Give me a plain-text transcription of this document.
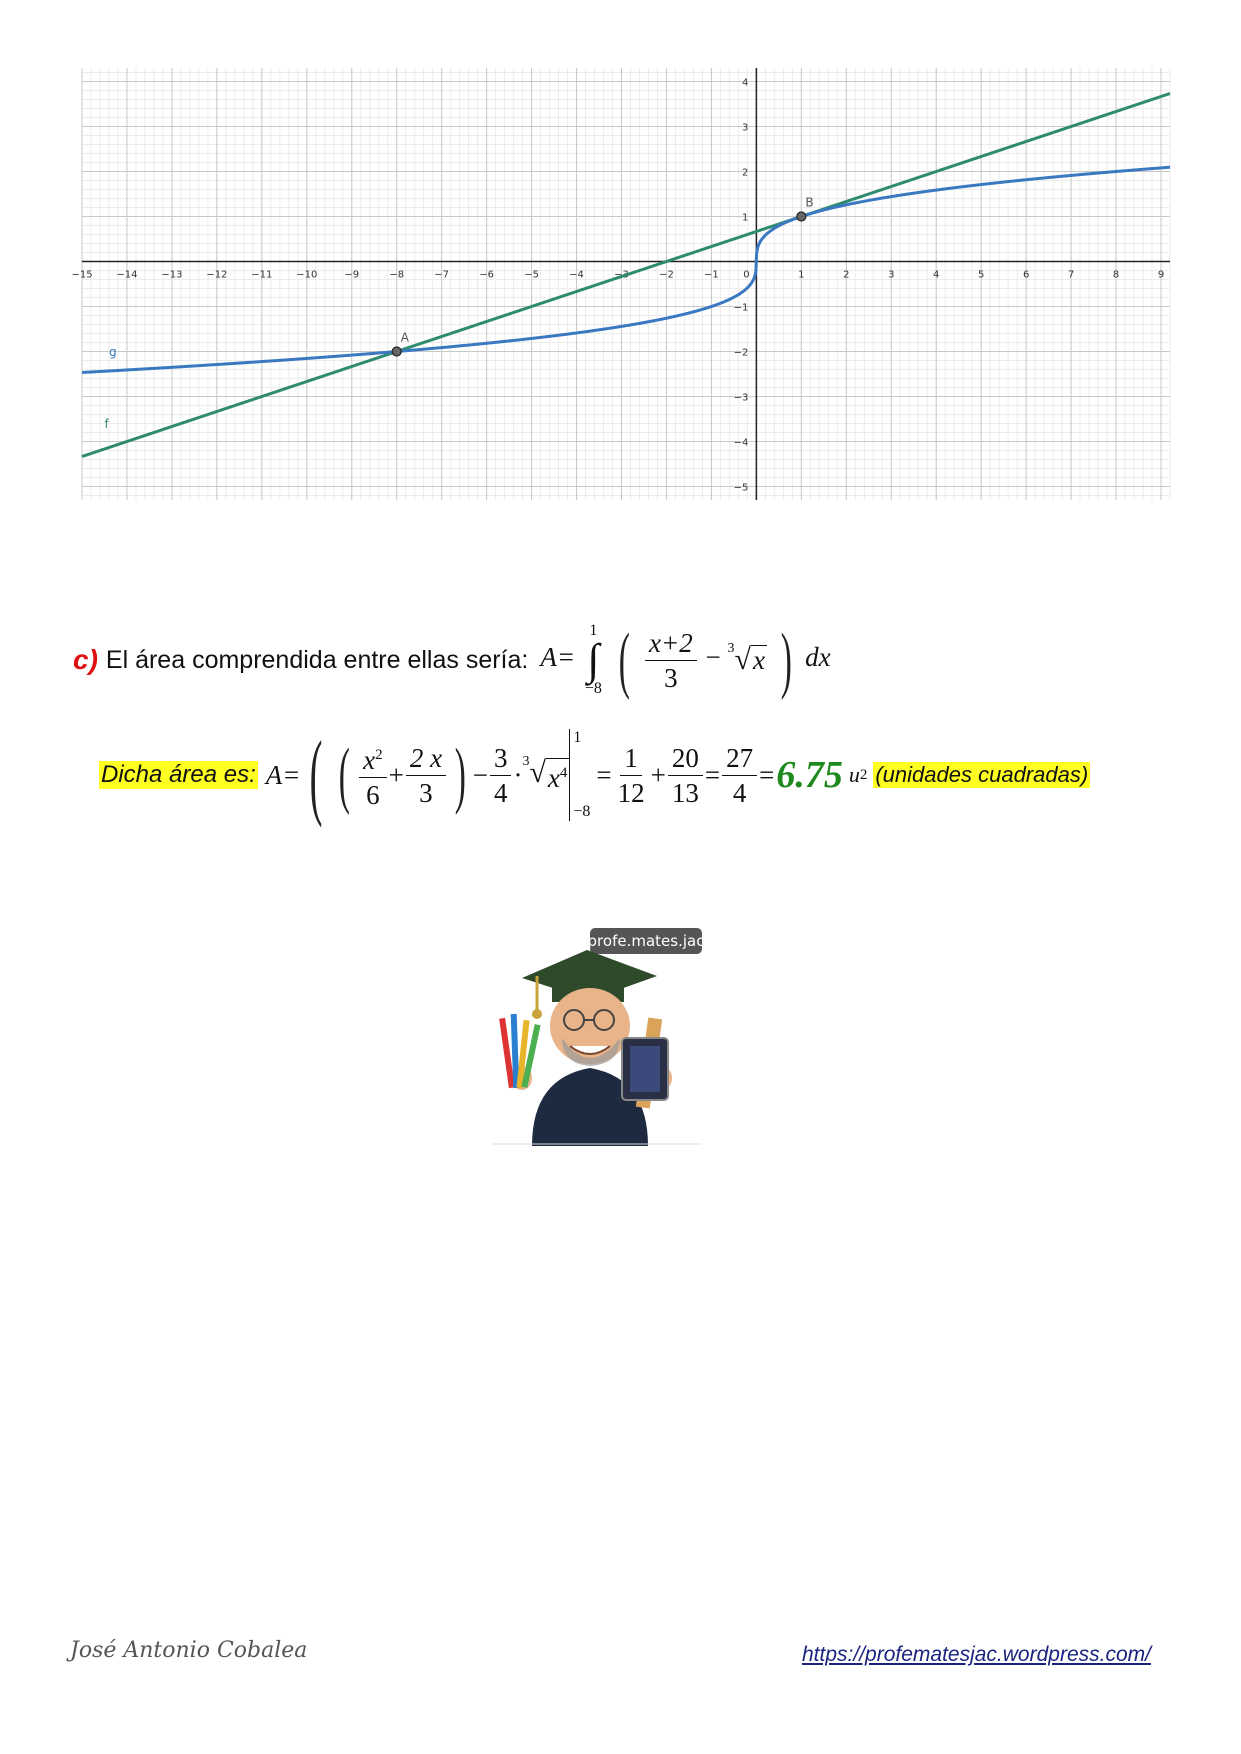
−15 −14 −13 −12 −11 −10	−9	−8	−7	−6	−5	−4	−3	−2	−1 0	1	2	3	4	5	6	7	8	9
−5
−4
−3
−2
−1
1
2
3
4
f
g
A
B
c) El área comprendida entre ellas sería: A=
1
∫
−8 ( $\frac{x+2}{3} - 3$ √ x ) dx
Dicha área es: A= ( ( $\frac{x^2}{6} + \frac{2 x}{3}$ ) − $\frac{3}{4} \cdot 3$ √ $x^4$
1
−8
= $\frac{1}{12} + \frac{20}{13} = \frac{27}{4} = 6.75$ u 2 (unidades cuadradas)
profe.mates.jac
José Antonio Cobalea	https://profematesjac.wordpress.com/
